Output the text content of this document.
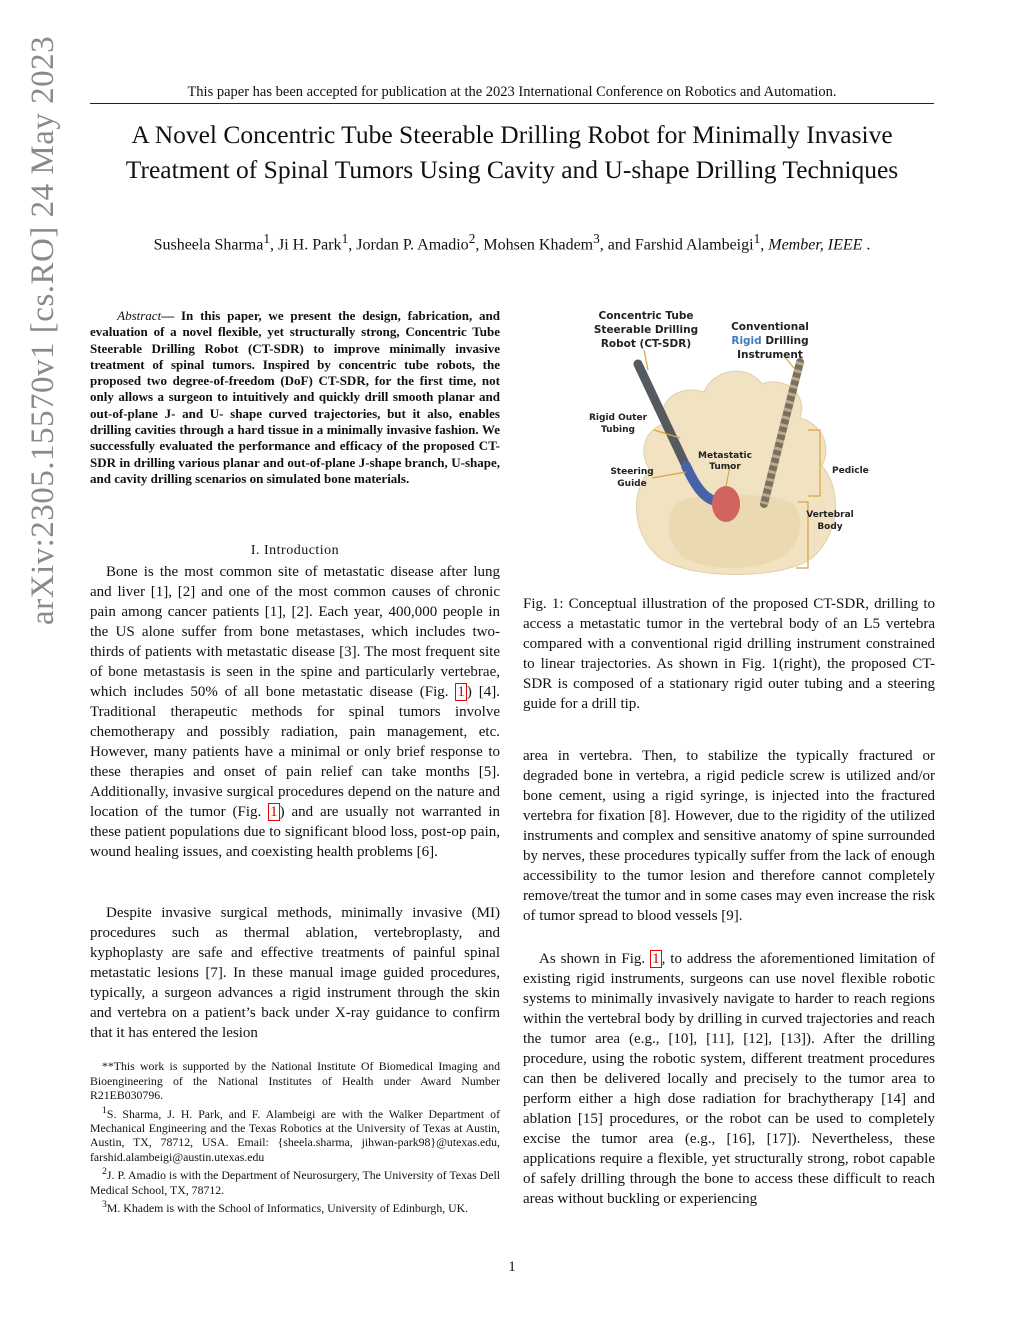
This paper has been accepted for publication at the 2023 International Conference on Robotics and Automation.
A Novel Concentric Tube Steerable Drilling Robot for Minimally Invasive
Treatment of Spinal Tumors Using Cavity and U-shape Drilling Techniques
Susheela Sharma$^1$, Ji H. Park$^1$, Jordan P. Amadio$^2$, Mohsen Khadem$^3$, and Farshid Alambeigi$^1$, Member, IEEE .
arXiv:2305.15570v1 [cs.RO] 24 May 2023	Abstract— In this paper, we present the design, fabrication, and evaluation of a novel flexible, yet structurally strong, Concentric Tube Steerable Drilling Robot (CT-SDR) to improve minimally invasive treatment of spinal tumors. Inspired by concentric tube robots, the proposed two degree-of-freedom (DoF) CT-SDR, for the first time, not only allows a surgeon to intuitively and quickly drill smooth planar and out-of-plane J- and U- shape curved trajectories, but it also, enables drilling cavities through a hard tissue in a minimally invasive fashion. We successfully evaluated the performance and efficacy of the proposed CT-SDR in drilling various planar and out-of-plane J-shape branch, U-shape, and cavity drilling scenarios on simulated bone materials.
I. Introduction
Bone is the most common site of metastatic disease after lung and liver [1], [2] and one of the most common causes of chronic pain among cancer patients [1], [2]. Each year, 400,000 people in the US alone suffer from bone metastases, which includes two-thirds of patients with metastatic disease [3]. The most frequent site of bone metastasis is seen in the spine and particularly vertebrae, which includes 50% of all bone metastatic disease (Fig. 1 ) [4]. Traditional therapeutic methods for spinal tumors involve chemotherapy and possibly radiation, pain management, etc. However, many patients have a minimal or only brief response to these therapies and onset of pain relief can take months [5]. Additionally, invasive surgical procedures depend on the nature and location of the tumor (Fig. 1 ) and are usually not warranted in these patient populations due to significant blood loss, post-op pain, wound healing issues, and coexisting health problems [6].
Despite invasive surgical methods, minimally invasive (MI) procedures such as thermal ablation, vertebroplasty, and kyphoplasty are safe and effective treatments of painful spinal metastatic lesions [7]. In these manual image guided procedures, typically, a surgeon advances a rigid instrument through the skin and vertebra on a patient’s back under X-ray guidance to confirm that it has entered the lesion

**This work is supported by the National Institute Of Biomedical Imaging and Bioengineering of the National Institutes of Health under Award Number R21EB030796.

$^1$S. Sharma, J. H. Park, and F. Alambeigi are with the Walker Department of Mechanical Engineering and the Texas Robotics at the University of Texas at Austin, Austin, TX, 78712, USA. Email: {sheela.sharma, jihwan-park98}@utexas.edu, farshid.alambeigi@austin.utexas.edu

$^2$J. P. Amadio is with the Department of Neurosurgery, The University of Texas Dell Medical School, TX, 78712.

$^3$M. Khadem is with the School of Informatics, University of Edinburgh, UK.

Concentric Tube
Steerable Drilling
Robot (CT-SDR)
Conventional
Rigid Drilling
Instrument
Rigid Outer
Tubing
Metastatic
Tumor
Steering
Guide
Pedicle
Vertebral
Body
Fig. 1: Conceptual illustration of the proposed CT-SDR, drilling to access a metastatic tumor in the vertebral body of an L5 vertebra compared with a conventional rigid drilling instrument constrained to linear trajectories. As shown in Fig. 1(right), the proposed CT-SDR is composed of a stationary rigid outer tubing and a steering guide for a drill tip.
area in vertebra. Then, to stabilize the typically fractured or degraded bone in vertebra, a rigid pedicle screw is utilized and/or bone cement, using a rigid syringe, is injected into the fractured vertebra for fixation [8]. However, due to the rigidity of the utilized instruments and complex and sensitive anatomy of spine surrounded by nerves, these procedures typically suffer from the lack of enough accessibility to the tumor lesion and therefore cannot completely remove/treat the tumor and in some cases may even increase the risk of tumor spread to blood vessels [9].
As shown in Fig. 1 , to address the aforementioned limitation of existing rigid instruments, surgeons can use novel flexible robotic systems to minimally invasively navigate to harder to reach regions within the vertebral body by drilling in curved trajectories and reach the tumor area (e.g., [10], [11], [12], [13]). After the drilling procedure, using the robotic system, different treatment procedures can then be delivered locally and precisely to the tumor area to perform either a high dose radiation for brachytherapy [14] and ablation [15] procedures, or the robot can be used to completely excise the tumor area (e.g., [16], [17]). Nevertheless, these applications require a flexible, yet structurally strong, robot capable of safely drilling through the bone to access these difficult to reach areas without buckling or experiencing
1
